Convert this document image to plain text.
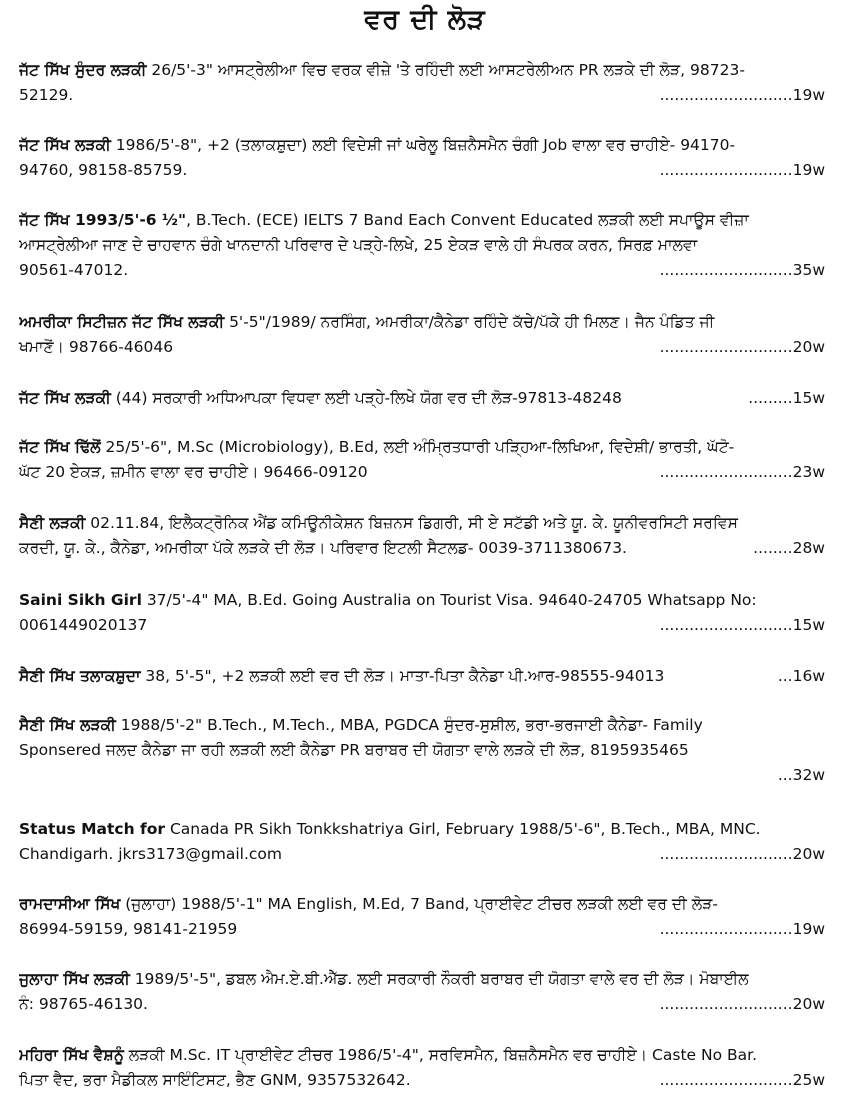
ਵਰ ਦੀ ਲੋੜ
ਜੱਟ ਸਿੱਖ ਸੁੰਦਰ ਲੜਕੀ 26/5'-3" ਆਸਟ੍ਰੇਲੀਆ ਵਿਚ ਵਰਕ ਵੀਜ਼ੇ 'ਤੇ ਰਹਿੰਦੀ ਲਈ ਆਸਟਰੇਲੀਅਨ PR ਲੜਕੇ ਦੀ ਲੋੜ, 98723-
52129.	...........................19w
ਜੱਟ ਸਿੱਖ ਲੜਕੀ 1986/5'-8", +2 (ਤਲਾਕਸ਼ੁਦਾ) ਲਈ ਵਿਦੇਸ਼ੀ ਜਾਂ ਘਰੇਲੂ ਬਿਜ਼ਨੈਸਮੈਨ ਚੰਗੀ Job ਵਾਲਾ ਵਰ ਚਾਹੀਏ- 94170-
94760, 98158-85759.	...........................19w
ਜੱਟ ਸਿੱਖ 1993/5'-6 ½", B.Tech. (ECE) IELTS 7 Band Each Convent Educated ਲੜਕੀ ਲਈ ਸਪਾਊਸ ਵੀਜ਼ਾ
ਆਸਟ੍ਰੇਲੀਆ ਜਾਣ ਦੇ ਚਾਹਵਾਨ ਚੰਗੇ ਖਾਨਦਾਨੀ ਪਰਿਵਾਰ ਦੇ ਪੜ੍ਹੇ-ਲਿਖੇ, 25 ਏਕੜ ਵਾਲੇ ਹੀ ਸੰਪਰਕ ਕਰਨ, ਸਿਰਫ਼ ਮਾਲਵਾ
90561-47012.	...........................35w
ਅਮਰੀਕਾ ਸਿਟੀਜ਼ਨ ਜੱਟ ਸਿੱਖ ਲੜਕੀ 5'-5"/1989/ ਨਰਸਿੰਗ, ਅਮਰੀਕਾ/ਕੈਨੇਡਾ ਰਹਿੰਦੇ ਕੱਚੇ/ਪੱਕੇ ਹੀ ਮਿਲਣ। ਜੈਨ ਪੰਡਿਤ ਜੀ
ਖਮਾਣੋਂ। 98766-46046	...........................20w
ਜੱਟ ਸਿੱਖ ਲੜਕੀ (44) ਸਰਕਾਰੀ ਅਧਿਆਪਕਾ ਵਿਧਵਾ ਲਈ ਪੜ੍ਹੇ-ਲਿਖੇ ਯੋਗ ਵਰ ਦੀ ਲੋੜ-97813-48248	.........15w
ਜੱਟ ਸਿੱਖ ਢਿੱਲੋਂ 25/5'-6", M.Sc (Microbiology), B.Ed, ਲਈ ਅੰਮ੍ਰਿਤਧਾਰੀ ਪੜ੍ਹਿਆ-ਲਿਖਿਆ, ਵਿਦੇਸ਼ੀ/ ਭਾਰਤੀ, ਘੱਟੋ-
ਘੱਟ 20 ਏਕੜ, ਜ਼ਮੀਨ ਵਾਲਾ ਵਰ ਚਾਹੀਏ। 96466-09120	...........................23w
ਸੈਣੀ ਲੜਕੀ 02.11.84, ਇਲੈਕਟ੍ਰੋਨਿਕ ਐਂਡ ਕਮਿਊਨੀਕੇਸ਼ਨ ਬਿਜ਼ਨਸ ਡਿਗਰੀ, ਸੀ ਏ ਸਟੱਡੀ ਅਤੇ ਯੂ. ਕੇ. ਯੂਨੀਵਰਸਿਟੀ ਸਰਵਿਸ
ਕਰਦੀ, ਯੂ. ਕੇ., ਕੈਨੇਡਾ, ਅਮਰੀਕਾ ਪੱਕੇ ਲੜਕੇ ਦੀ ਲੋੜ। ਪਰਿਵਾਰ ਇਟਲੀ ਸੈਟਲਡ- 0039-3711380673.	........28w
Saini Sikh Girl 37/5'-4" MA, B.Ed. Going Australia on Tourist Visa. 94640-24705 Whatsapp No:
0061449020137	...........................15w
ਸੈਣੀ ਸਿੱਖ ਤਲਾਕਸ਼ੁਦਾ 38, 5'-5", +2 ਲੜਕੀ ਲਈ ਵਰ ਦੀ ਲੋੜ। ਮਾਤਾ-ਪਿਤਾ ਕੈਨੇਡਾ ਪੀ.ਆਰ-98555-94013	...16w
ਸੈਣੀ ਸਿੱਖ ਲੜਕੀ 1988/5'-2" B.Tech., M.Tech., MBA, PGDCA ਸੁੰਦਰ-ਸੁਸ਼ੀਲ, ਭਰਾ-ਭਰਜਾਈ ਕੈਨੇਡਾ- Family
Sponsered ਜਲਦ ਕੈਨੇਡਾ ਜਾ ਰਹੀ ਲੜਕੀ ਲਈ ਕੈਨੇਡਾ PR ਬਰਾਬਰ ਦੀ ਯੋਗਤਾ ਵਾਲੇ ਲੜਕੇ ਦੀ ਲੋੜ, 8195935465
...32w
Status Match for Canada PR Sikh Tonkkshatriya Girl, February 1988/5'-6", B.Tech., MBA, MNC.
Chandigarh. jkrs3173@gmail.com	...........................20w
ਰਾਮਦਾਸੀਆ ਸਿੱਖ (ਜੁਲਾਹਾ) 1988/5'-1" MA English, M.Ed, 7 Band, ਪ੍ਰਾਈਵੇਟ ਟੀਚਰ ਲੜਕੀ ਲਈ ਵਰ ਦੀ ਲੋੜ-
86994-59159, 98141-21959	...........................19w
ਜੁਲਾਹਾ ਸਿੱਖ ਲੜਕੀ 1989/5'-5", ਡਬਲ ਐਮ.ਏ.ਬੀ.ਐੱਡ. ਲਈ ਸਰਕਾਰੀ ਨੌਕਰੀ ਬਰਾਬਰ ਦੀ ਯੋਗਤਾ ਵਾਲੇ ਵਰ ਦੀ ਲੋੜ। ਮੋਬਾਈਲ
ਨੰ: 98765-46130.	...........................20w
ਮਹਿਰਾ ਸਿੱਖ ਵੈਸ਼ਨੂੰ ਲੜਕੀ M.Sc. IT ਪ੍ਰਾਈਵੇਟ ਟੀਚਰ 1986/5'-4", ਸਰਵਿਸਮੈਨ, ਬਿਜ਼ਨੈਸਮੈਨ ਵਰ ਚਾਹੀਏ। Caste No Bar.
ਪਿਤਾ ਵੈਦ, ਭਰਾ ਮੈਡੀਕਲ ਸਾਇੰਟਿਸਟ, ਭੈਣ GNM, 9357532642.	...........................25w
